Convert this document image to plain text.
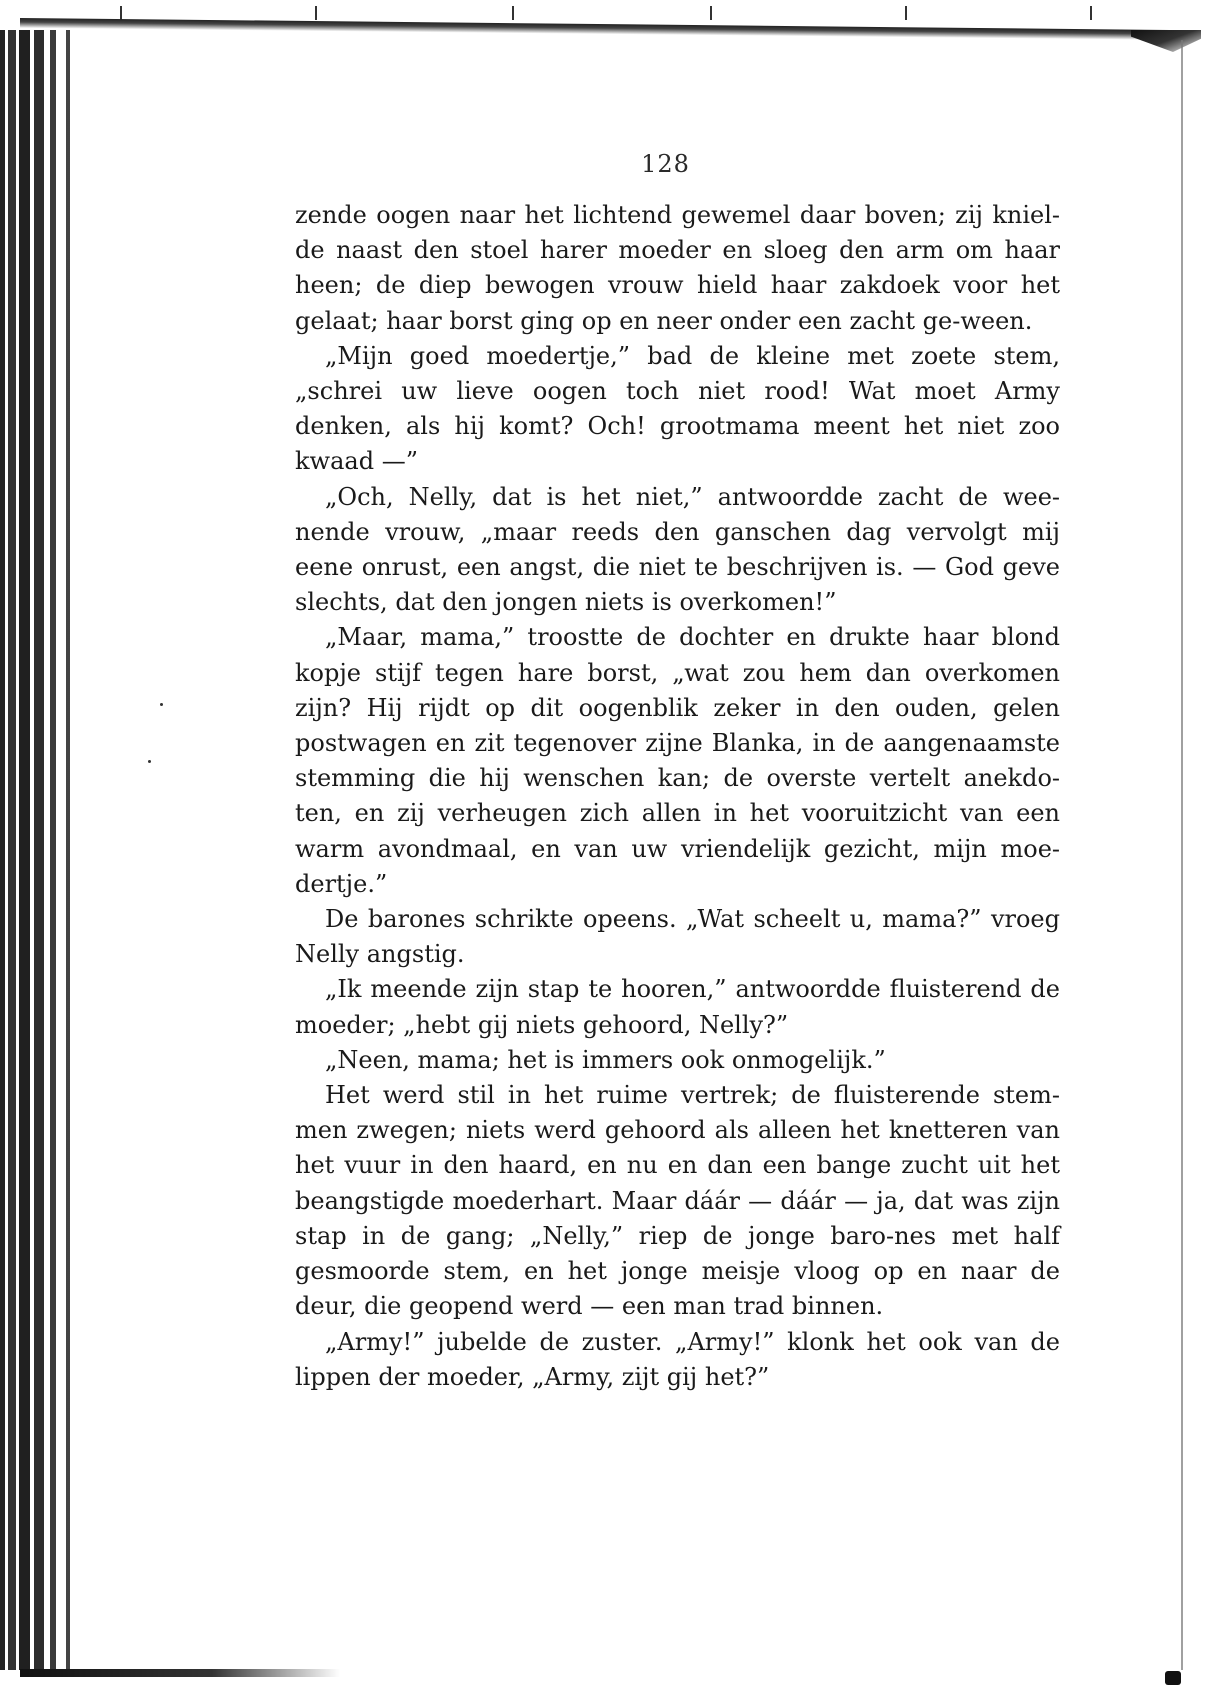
128

zende oogen naar het lichtend gewemel daar boven; zij kniel-de naast den stoel harer moeder en sloeg den arm om haar heen; de diep bewogen vrouw hield haar zakdoek voor het gelaat; haar borst ging op en neer onder een zacht ge-ween.

„Mijn goed moedertje,” bad de kleine met zoete stem, „schrei uw lieve oogen toch niet rood! Wat moet Army denken, als hij komt? Och! grootmama meent het niet zoo kwaad —”

„Och, Nelly, dat is het niet,” antwoordde zacht de wee-nende vrouw, „maar reeds den ganschen dag vervolgt mij eene onrust, een angst, die niet te beschrijven is. — God geve slechts, dat den jongen niets is overkomen!”

„Maar, mama,” troostte de dochter en drukte haar blond kopje stijf tegen hare borst, „wat zou hem dan overkomen zijn? Hij rijdt op dit oogenblik zeker in den ouden, gelen postwagen en zit tegenover zijne Blanka, in de aangenaamste stemming die hij wenschen kan; de overste vertelt anekdo-ten, en zij verheugen zich allen in het vooruitzicht van een warm avondmaal, en van uw vriendelijk gezicht, mijn moe-dertje.”

De barones schrikte opeens. „Wat scheelt u, mama?” vroeg Nelly angstig.

„Ik meende zijn stap te hooren,” antwoordde fluisterend de moeder; „hebt gij niets gehoord, Nelly?”

„Neen, mama; het is immers ook onmogelijk.”

Het werd stil in het ruime vertrek; de fluisterende stem-men zwegen; niets werd gehoord als alleen het knetteren van het vuur in den haard, en nu en dan een bange zucht uit het beangstigde moederhart. Maar dáár — dáár — ja, dat was zijn stap in de gang; „Nelly,” riep de jonge baro-nes met half gesmoorde stem, en het jonge meisje vloog op en naar de deur, die geopend werd — een man trad binnen.

„Army!” jubelde de zuster. „Army!” klonk het ook van de lippen der moeder, „Army, zijt gij het?”
